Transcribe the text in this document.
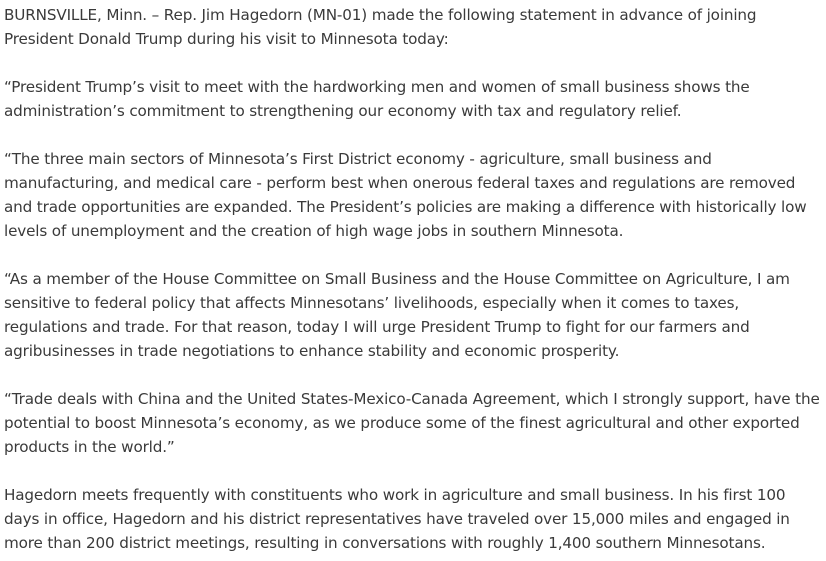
BURNSVILLE, Minn. – Rep. Jim Hagedorn (MN-01) made the following statement in advance of joining President Donald Trump during his visit to Minnesota today:

“President Trump’s visit to meet with the hardworking men and women of small business shows the administration’s commitment to strengthening our economy with tax and regulatory relief.

“The three main sectors of Minnesota’s First District economy - agriculture, small business and manufacturing, and medical care - perform best when onerous federal taxes and regulations are removed and trade opportunities are expanded. The President’s policies are making a difference with historically low levels of unemployment and the creation of high wage jobs in southern Minnesota.

“As a member of the House Committee on Small Business and the House Committee on Agriculture, I am sensitive to federal policy that affects Minnesotans’ livelihoods, especially when it comes to taxes, regulations and trade. For that reason, today I will urge President Trump to fight for our farmers and agribusinesses in trade negotiations to enhance stability and economic prosperity.

“Trade deals with China and the United States-Mexico-Canada Agreement, which I strongly support, have the potential to boost Minnesota’s economy, as we produce some of the finest agricultural and other exported products in the world.”

Hagedorn meets frequently with constituents who work in agriculture and small business. In his first 100 days in office, Hagedorn and his district representatives have traveled over 15,000 miles and engaged in more than 200 district meetings, resulting in conversations with roughly 1,400 southern Minnesotans.
